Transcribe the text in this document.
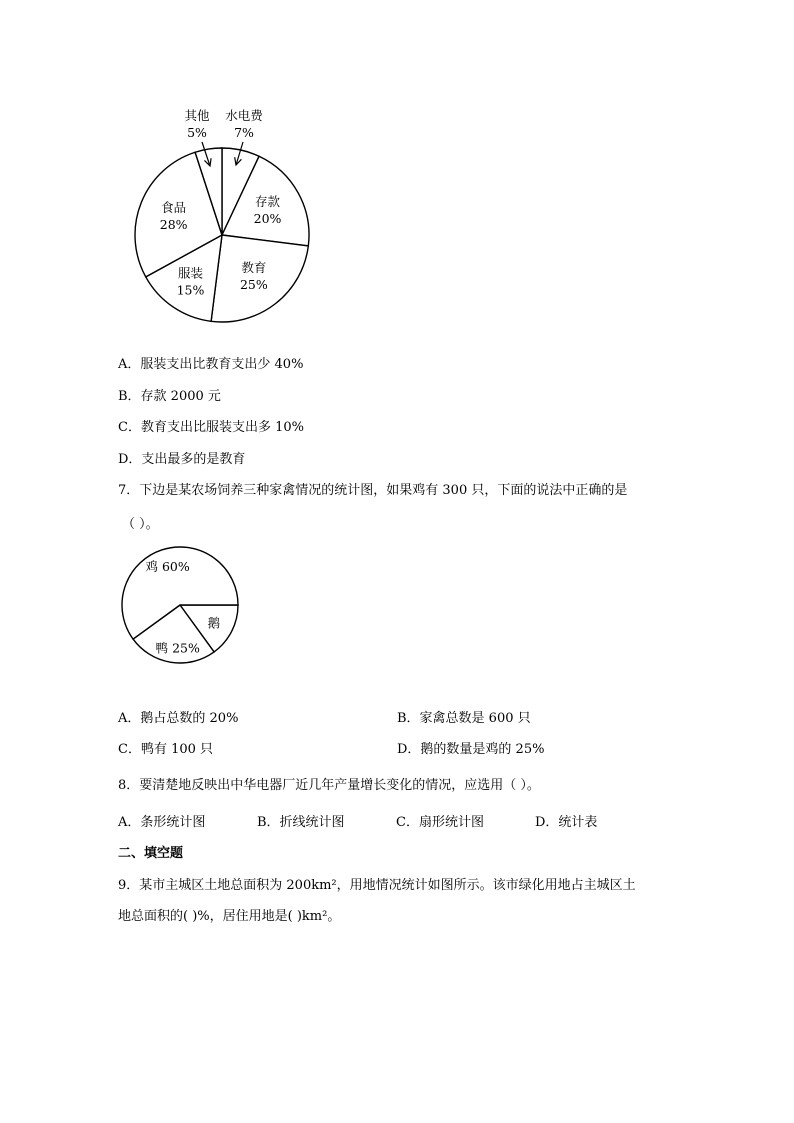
存款 20%
教育 25%
服装 15%
食品 28%
水电费 7%
其他 5%
A．服装支出比教育支出少 40%
B．存款 2000 元
C．教育支出比服装支出多 10%
D．支出最多的是教育
7．下边是某农场饲养三种家禽情况的统计图，如果鸡有 300 只，下面的说法中正确的是
（ ）。
鸡 60%
鹅
鸭 25%
A．鹅占总数的 20%	B．家禽总数是 600 只
C．鸭有 100 只	D．鹅的数量是鸡的 25%
8．要清楚地反映出中华电器厂近几年产量增长变化的情况，应选用（ ）。
A．条形统计图	B．折线统计图	C．扇形统计图	D．统计表
二、填空题
9．某市主城区土地总面积为 200km²，用地情况统计如图所示。该市绿化用地占主城区土
地总面积的( )%，居住用地是( )km²。
